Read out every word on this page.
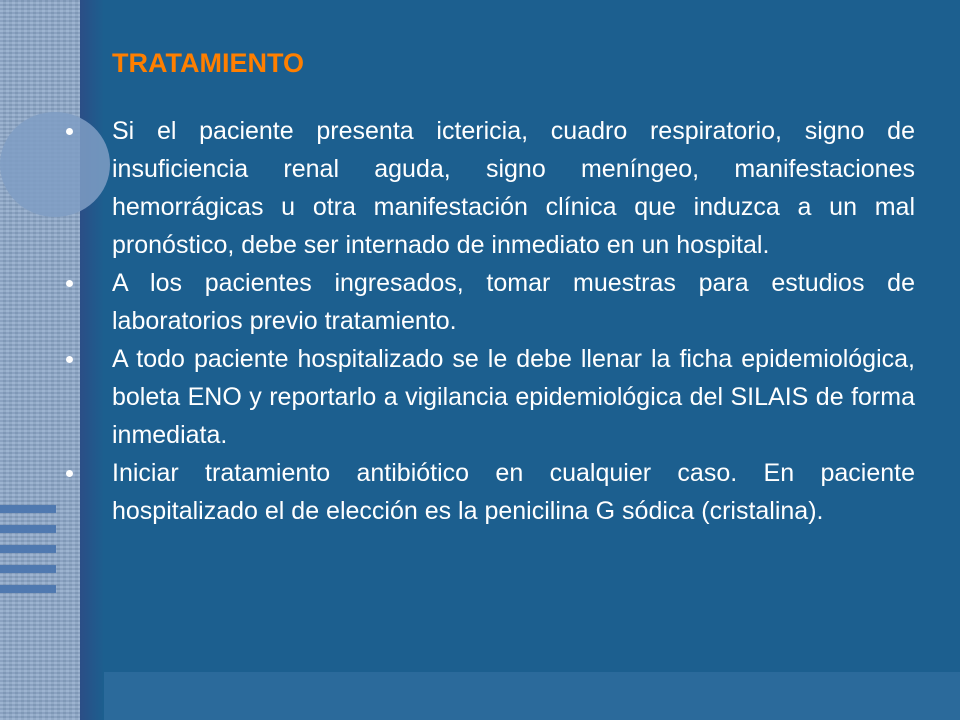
TRATAMIENTO
Si el paciente presenta ictericia, cuadro respiratorio, signo de insuficiencia renal aguda, signo meníngeo, manifestaciones hemorrágicas u otra manifestación clínica que induzca a un mal pronóstico, debe ser internado de inmediato en un hospital.
A los pacientes ingresados, tomar muestras para estudios de laboratorios previo tratamiento.
A todo paciente hospitalizado se le debe llenar la ficha epidemiológica, boleta ENO y reportarlo a vigilancia epidemiológica del SILAIS de forma inmediata.
Iniciar tratamiento antibiótico en cualquier caso. En paciente hospitalizado el de elección es la penicilina G sódica (cristalina).
